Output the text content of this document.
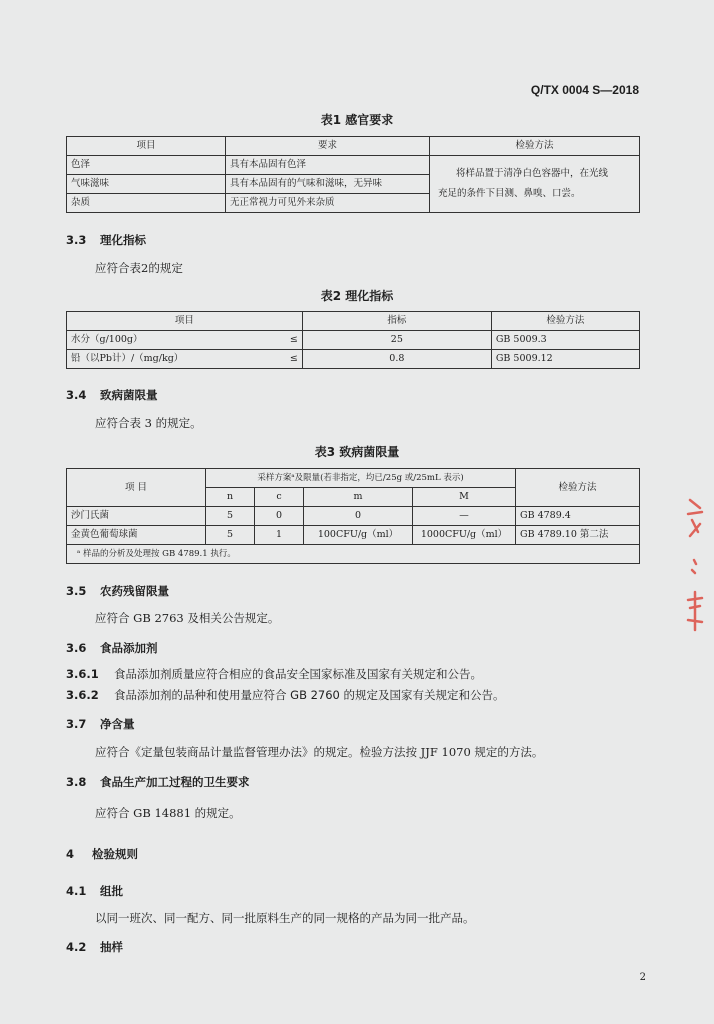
Q/TX 0004 S—2018
表1 感官要求
项目	要求	检验方法
色泽	具有本品固有色泽	将样品置于清净白色容器中，在光线
充足的条件下目测、鼻嗅、口尝。

气味滋味	具有本品固有的气味和滋味，无异味	
杂质	无正常视力可见外来杂质	
3.3 理化指标
应符合表2的规定
表2 理化指标
项目		指标	检验方法
水分（g/100g）	≤	25	GB 5009.3
铅（以Pb计）/（mg/kg）	≤	0.8	GB 5009.12
3.4 致病菌限量
应符合表 3 的规定。
表3 致病菌限量
项 目	采样方案ᵃ及限量(若非指定，均已/25g 或/25mL 表示)				检验方法
	n	c	m	M	
沙门氏菌	5	0	0	—	GB 4789.4
金黄色葡萄球菌	5	1	100CFU/g（ml）	1000CFU/g（ml）	GB 4789.10 第二法
ᵃ 样品的分析及处理按 GB 4789.1 执行。					
3.5 农药残留限量
应符合 GB 2763 及相关公告规定。
3.6 食品添加剂
3.6.1 食品添加剂质量应符合相应的食品安全国家标准及国家有关规定和公告。
3.6.2 食品添加剂的品种和使用量应符合 GB 2760 的规定及国家有关规定和公告。
3.7 净含量
应符合《定量包装商品计量监督管理办法》的规定。检验方法按 JJF 1070 规定的方法。
3.8 食品生产加工过程的卫生要求
应符合 GB 14881 的规定。
4 检验规则
4.1 组批
以同一班次、同一配方、同一批原料生产的同一规格的产品为同一批产品。
4.2 抽样
2
